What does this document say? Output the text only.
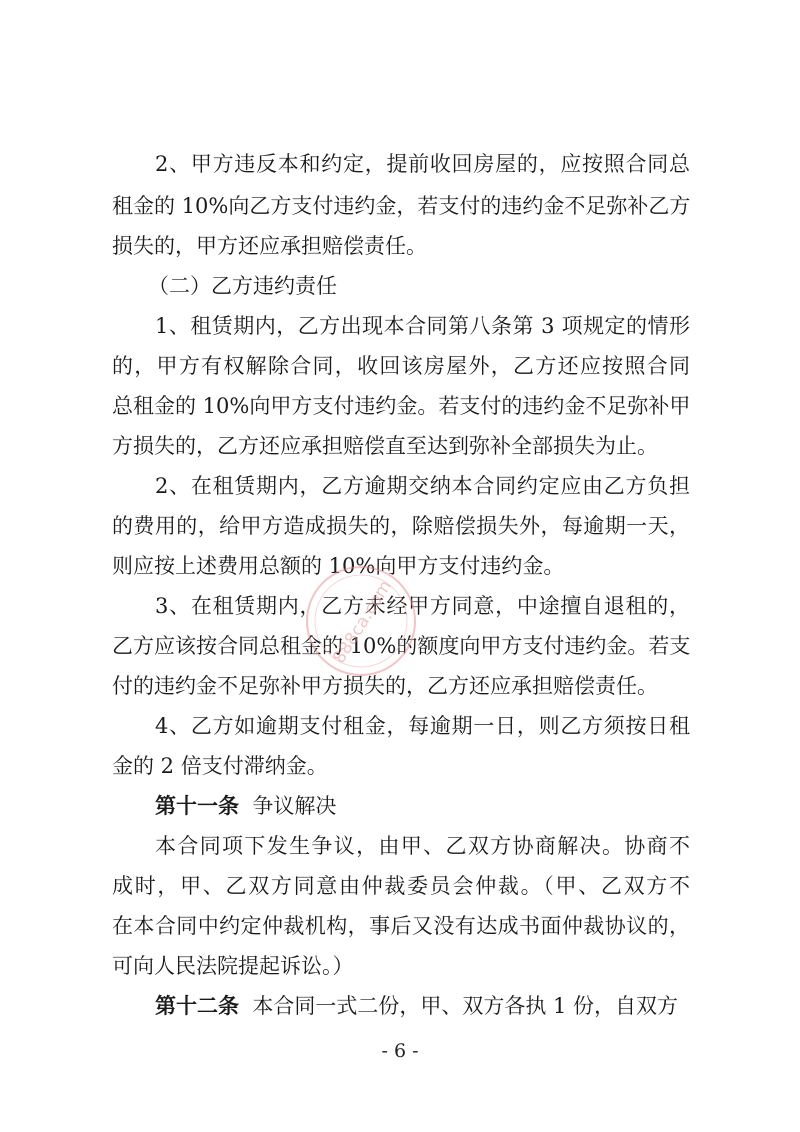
2、甲方违反本和约定，提前收回房屋的，应按照合同总
租金的 10%向乙方支付违约金，若支付的违约金不足弥补乙方
损失的，甲方还应承担赔偿责任。
（二）乙方违约责任
1、租赁期内，乙方出现本合同第八条第 3 项规定的情形
的，甲方有权解除合同，收回该房屋外，乙方还应按照合同
总租金的 10%向甲方支付违约金。若支付的违约金不足弥补甲
方损失的，乙方还应承担赔偿直至达到弥补全部损失为止。
2、在租赁期内，乙方逾期交纳本合同约定应由乙方负担
的费用的，给甲方造成损失的，除赔偿损失外，每逾期一天，
则应按上述费用总额的 10%向甲方支付违约金。
3、在租赁期内，乙方未经甲方同意，中途擅自退租的，
乙方应该按合同总租金的 10%的额度向甲方支付违约金。若支
付的违约金不足弥补甲方损失的，乙方还应承担赔偿责任。
4、乙方如逾期支付租金，每逾期一日，则乙方须按日租
金的 2 倍支付滞纳金。
第十一条  争议解决
本合同项下发生争议，由甲、乙双方协商解决。协商不
成时，甲、乙双方同意由仲裁委员会仲裁。（甲、乙双方不
在本合同中约定仲裁机构，事后又没有达成书面仲裁协议的，
可向人民法院提起诉讼。）
第十二条  本合同一式二份，甲、双方各执 1 份，自双方
- 6 -
888ca.com
